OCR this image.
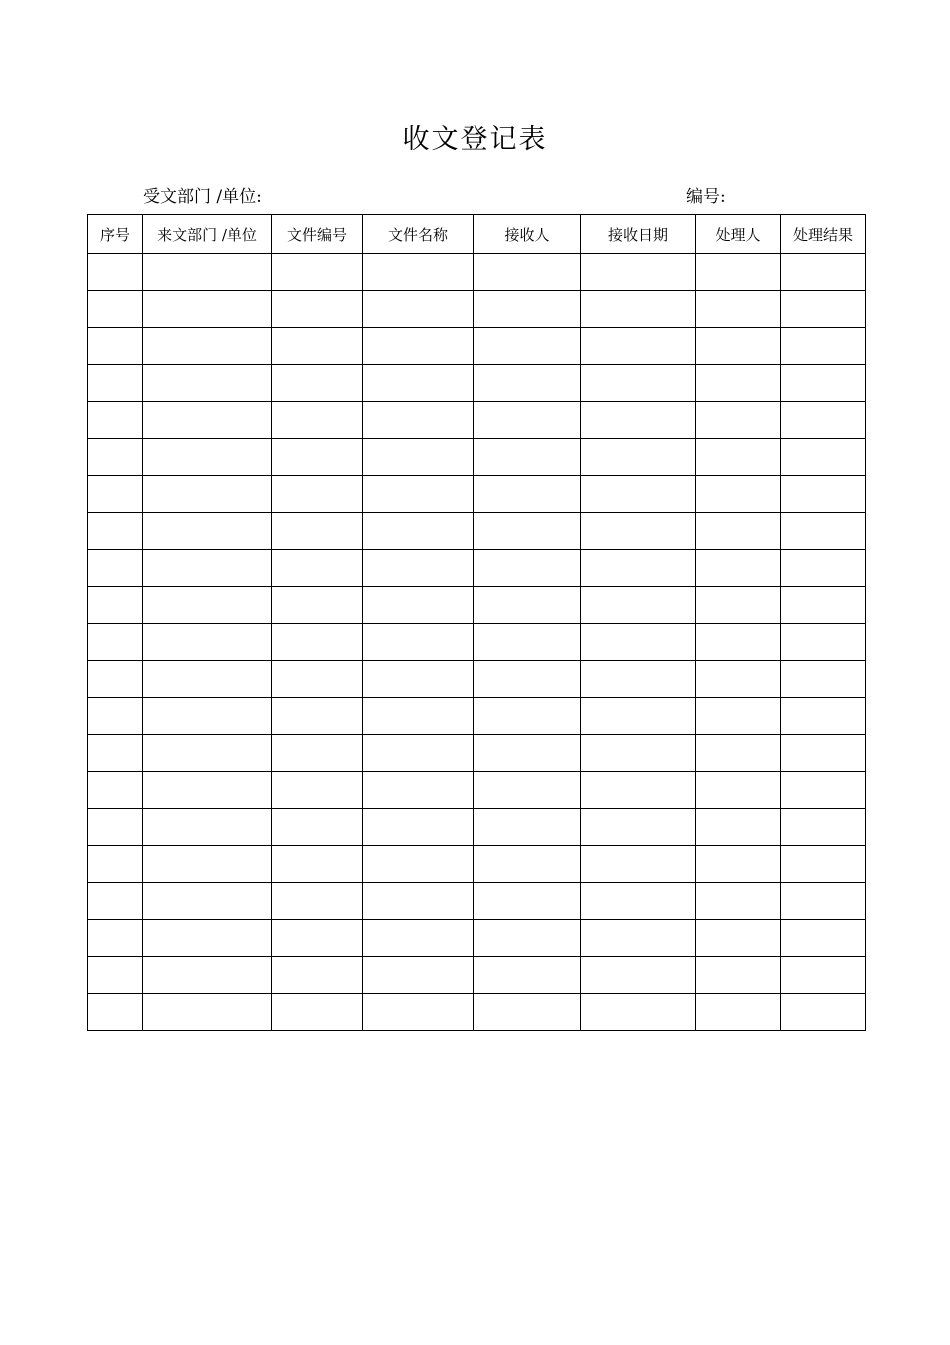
收文登记表
受文部门 /单位:	编号:
序号	来文部门 /单位	文件编号	文件名称	接收人	接收日期	处理人	处理结果
